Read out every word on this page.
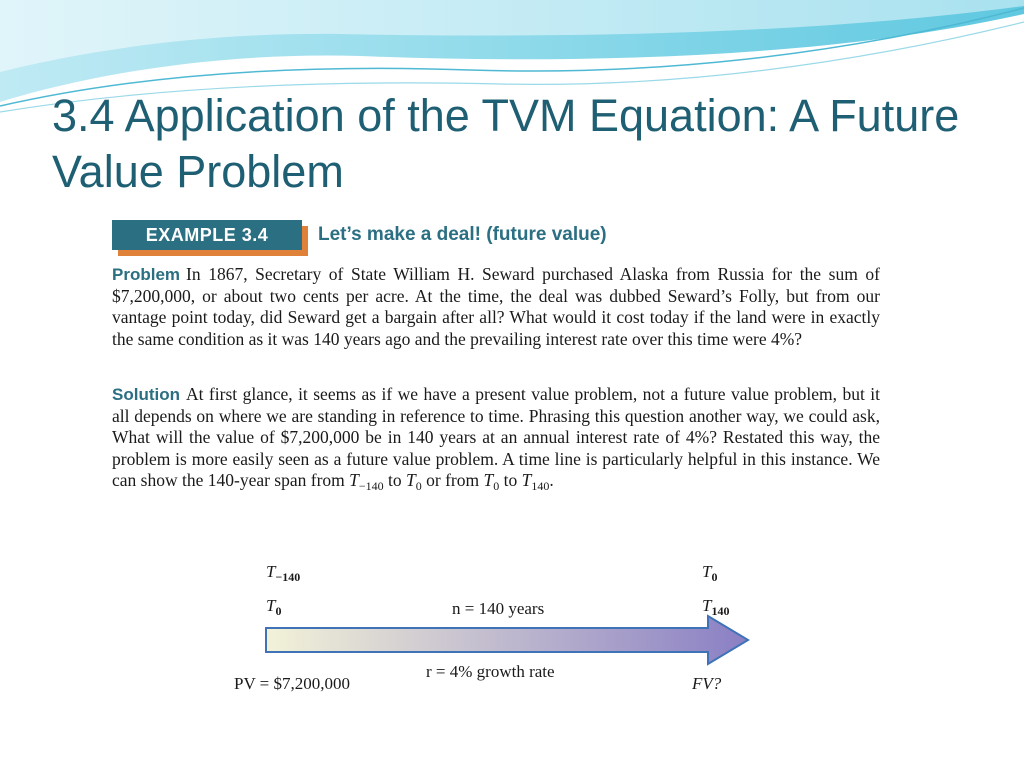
3.4 Application of the TVM Equation: A Future Value Problem
EXAMPLE 3.4	Let’s make a deal! (future value)

Problem In 1867, Secretary of State William H. Seward purchased Alaska from Russia for the sum of $7,200,000, or about two cents per acre. At the time, the deal was dubbed Seward’s Folly, but from our vantage point today, did Seward get a bargain after all? What would it cost today if the land were in exactly the same condition as it was 140 years ago and the prevailing interest rate over this time were 4%?

Solution At first glance, it seems as if we have a present value problem, not a future value problem, but it all depends on where we are standing in reference to time. Phrasing this question another way, we could ask, What will the value of $7,200,000 be in 140 years at an annual interest rate of 4%? Restated this way, the problem is more easily seen as a future value problem. A time line is particularly helpful in this instance. We can show the 140-year span from $T_{-140}$ to $T_0$ or from $T_0$ to $T_{140}$.

$T_{-140}$
$T_0$
$T_0$
$T_{140}$
n = 140 years
r = 4% growth rate
PV = $7,200,000	FV?
